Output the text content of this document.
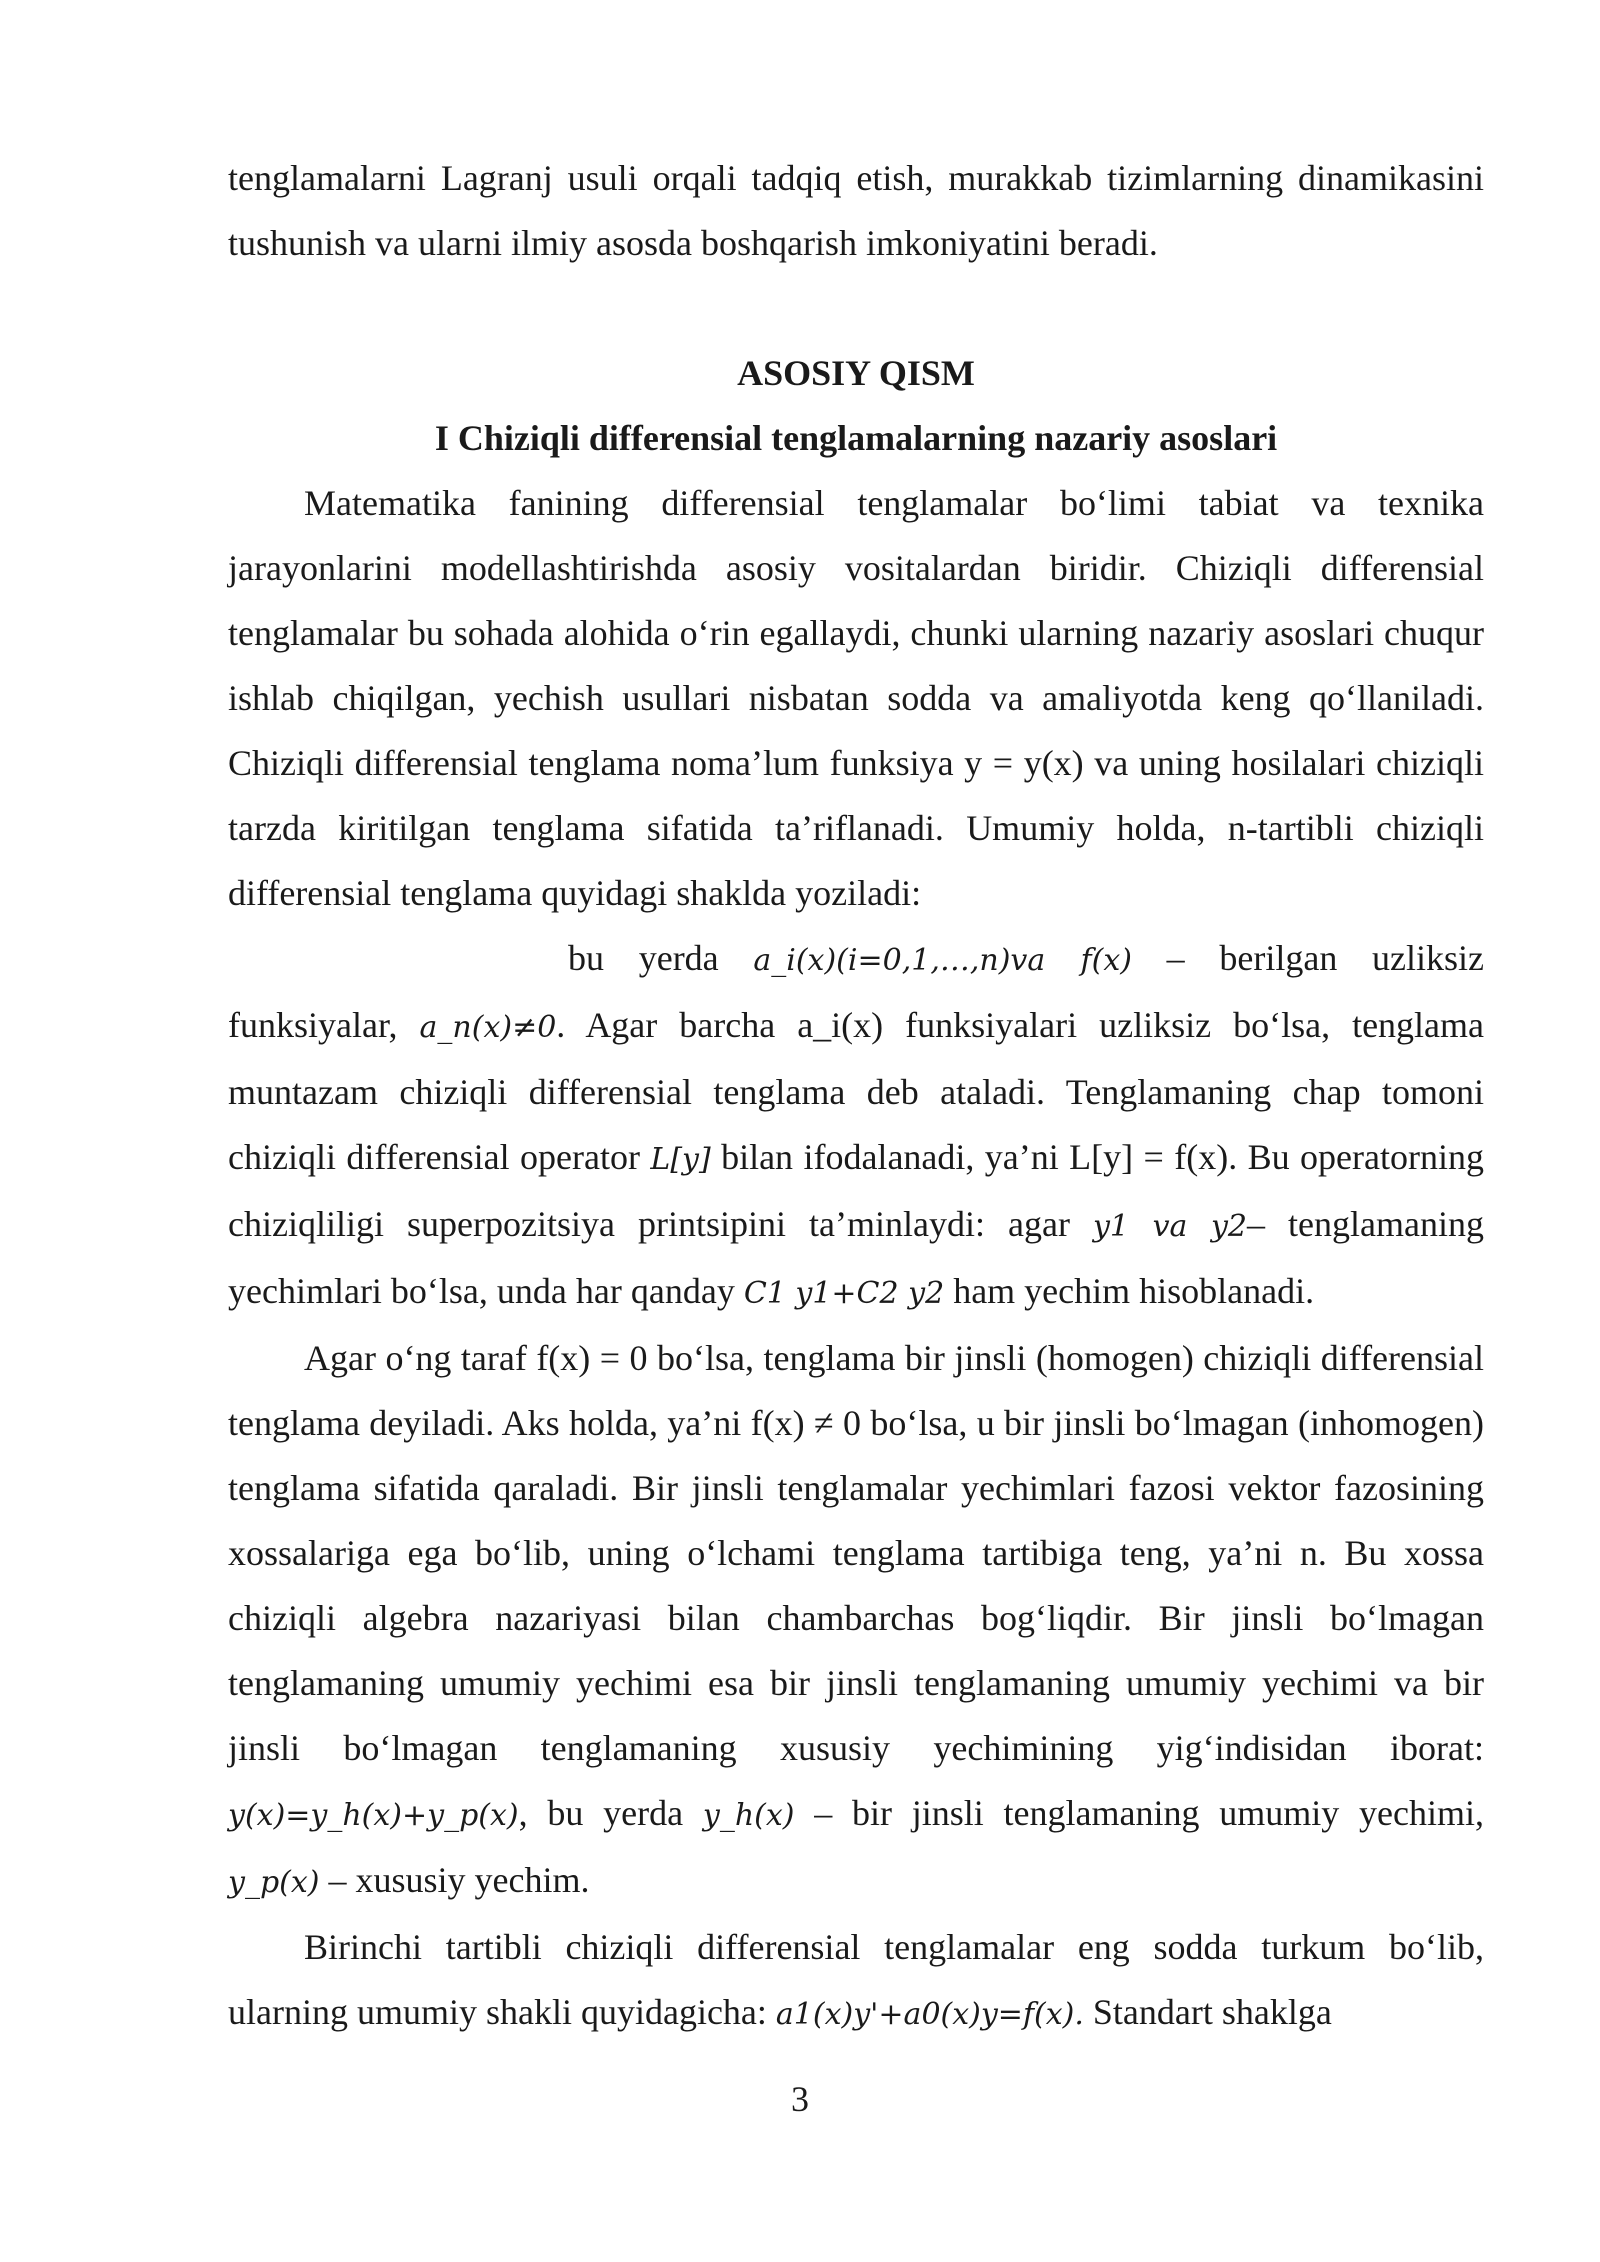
tenglamalarni Lagranj usuli orqali tadqiq etish, murakkab tizimlarning dinamikasini tushunish va ularni ilmiy asosda boshqarish imkoniyatini beradi.

ASOSIY QISM

I Chiziqli differensial tenglamalarning nazariy asoslari

Matematika fanining differensial tenglamalar bo‘limi tabiat va texnika jarayonlarini modellashtirishda asosiy vositalardan biridir. Chiziqli differensial tenglamalar bu sohada alohida o‘rin egallaydi, chunki ularning nazariy asoslari chuqur ishlab chiqilgan, yechish usullari nisbatan sodda va amaliyotda keng qo‘llaniladi. Chiziqli differensial tenglama noma’lum funksiya y = y(x) va uning hosilalari chiziqli tarzda kiritilgan tenglama sifatida ta’riflanadi. Umumiy holda, n-tartibli chiziqli differensial tenglama quyidagi shaklda yoziladi:

bu yerda a_i(x)(i=0,1,…,n)va f(x) – berilgan uzliksiz funksiyalar, a_n(x)≠0. Agar barcha a_i(x) funksiyalari uzliksiz bo‘lsa, tenglama muntazam chiziqli differensial tenglama deb ataladi. Tenglamaning chap tomoni chiziqli differensial operator L[y] bilan ifodalanadi, ya’ni L[y] = f(x). Bu operatorning chiziqliligi superpozitsiya printsipini ta’minlaydi: agar y1 va y2– tenglamaning yechimlari bo‘lsa, unda har qanday C1 y1+C2 y2 ham yechim hisoblanadi.

Agar o‘ng taraf f(x) = 0 bo‘lsa, tenglama bir jinsli (homogen) chiziqli differensial tenglama deyiladi. Aks holda, ya’ni f(x) ≠ 0 bo‘lsa, u bir jinsli bo‘lmagan (inhomogen) tenglama sifatida qaraladi. Bir jinsli tenglamalar yechimlari fazosi vektor fazosining xossalariga ega bo‘lib, uning o‘lchami tenglama tartibiga teng, ya’ni n. Bu xossa chiziqli algebra nazariyasi bilan chambarchas bog‘liqdir. Bir jinsli bo‘lmagan tenglamaning umumiy yechimi esa bir jinsli tenglamaning umumiy yechimi va bir jinsli bo‘lmagan tenglamaning xususiy yechimining yig‘indisidan iborat: y(x)=y_h(x)+y_p(x), bu yerda y_h(x) – bir jinsli tenglamaning umumiy yechimi, y_p(x) – xususiy yechim.

Birinchi tartibli chiziqli differensial tenglamalar eng sodda turkum bo‘lib, ularning umumiy shakli quyidagicha: a1(x)y'+a0(x)y=f(x). Standart shaklga

3
